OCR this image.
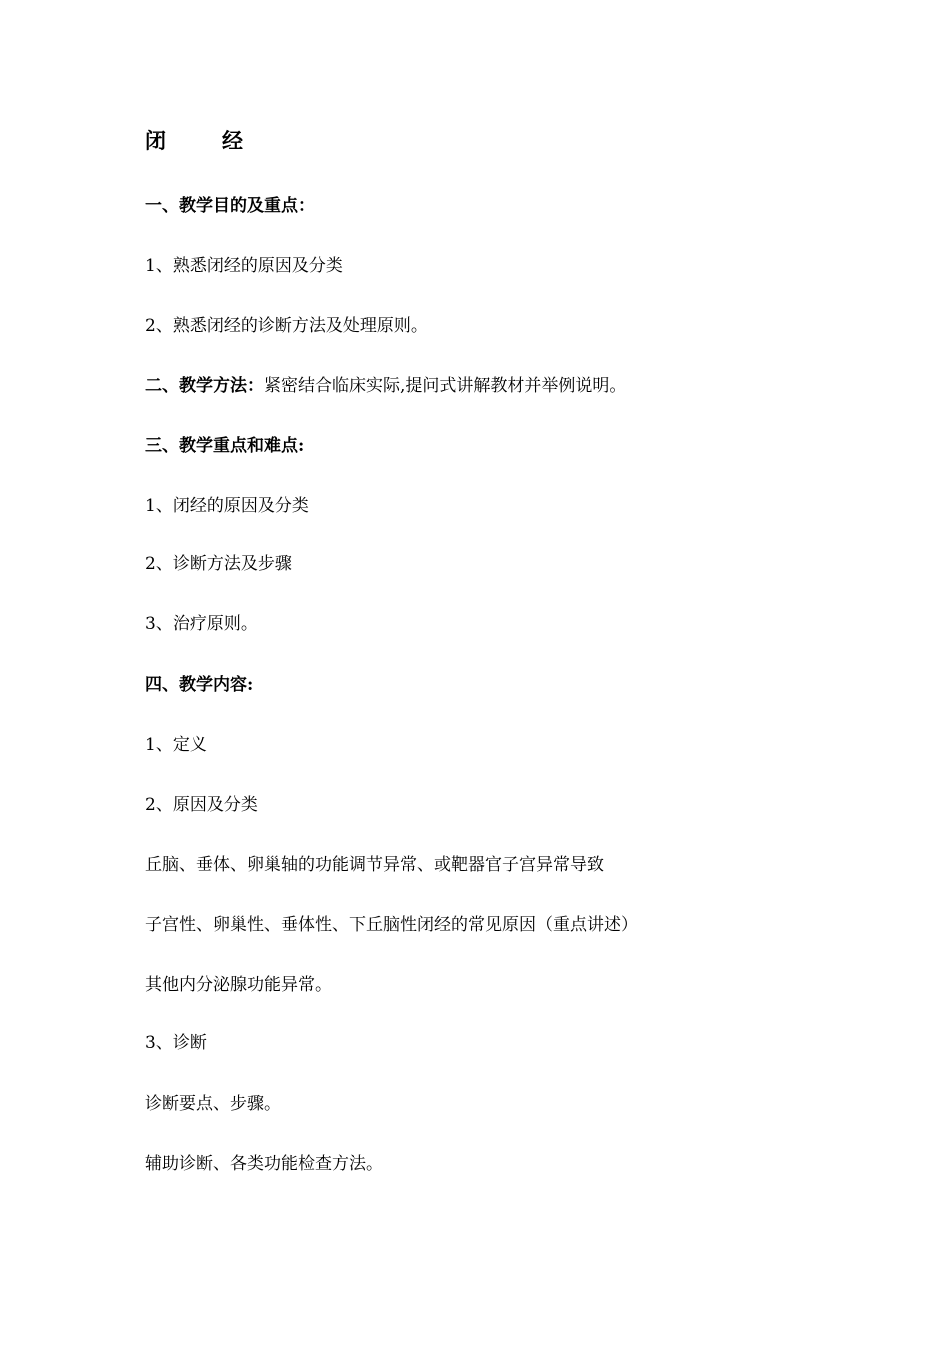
闭	经
一、教学目的及重点：
1、熟悉闭经的原因及分类
2、熟悉闭经的诊断方法及处理原则。
二、教学方法：紧密结合临床实际,提问式讲解教材并举例说明。
三、教学重点和难点:
1、闭经的原因及分类
2、诊断方法及步骤
3、治疗原则。
四、教学内容:
1、定义
2、原因及分类
丘脑、垂体、卵巢轴的功能调节异常、或靶器官子宫异常导致
子宫性、卵巢性、垂体性、下丘脑性闭经的常见原因（重点讲述）
其他内分泌腺功能异常。
3、诊断
诊断要点、步骤。
辅助诊断、各类功能检查方法。
